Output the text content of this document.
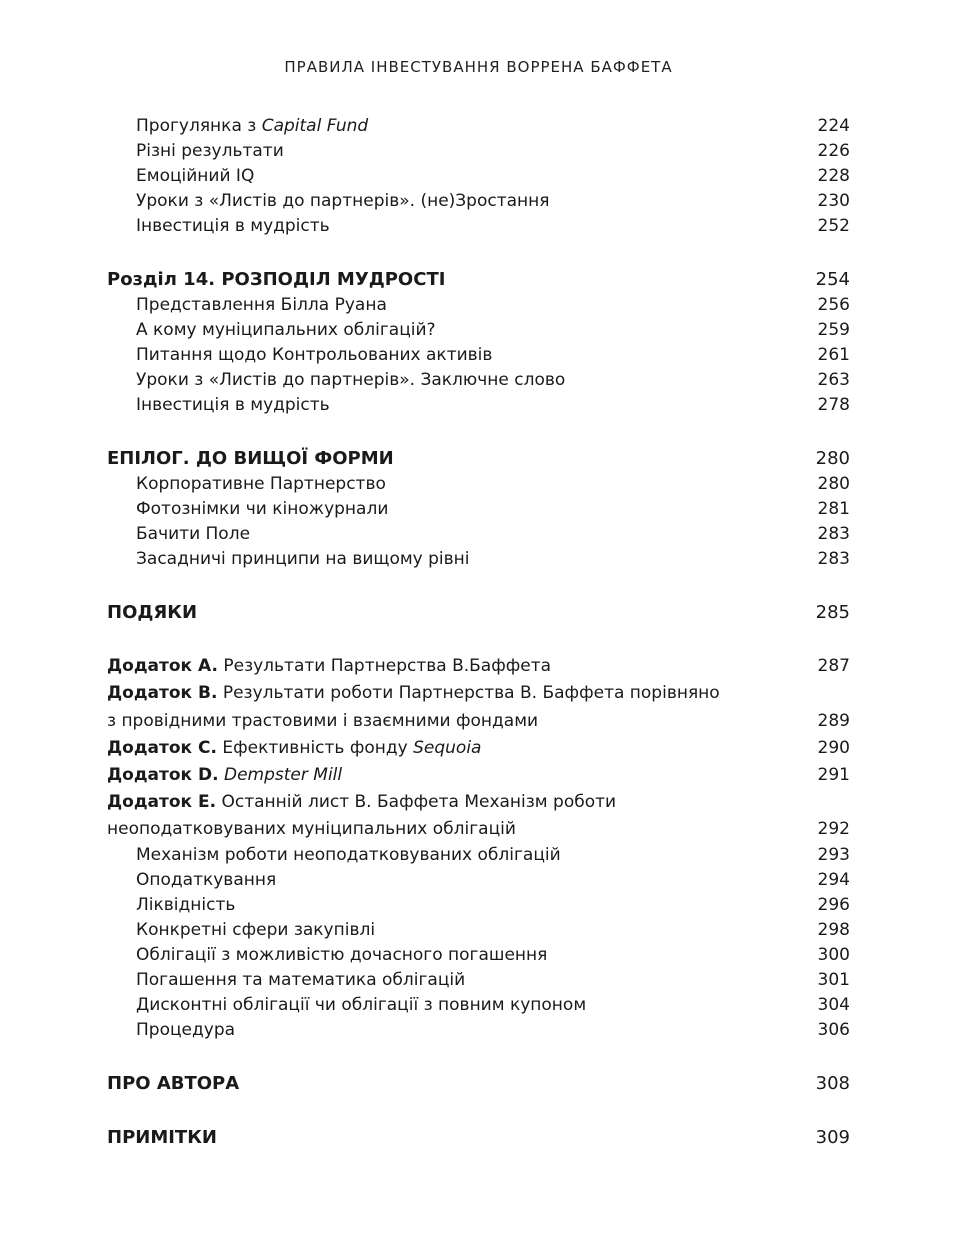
ПРАВИЛА ІНВЕСТУВАННЯ ВОРРЕНА БАФФЕТА
Прогулянка з Capital Fund	224
Різні результати	226
Емоційний IQ	228
Уроки з «Листів до партнерів». (не)Зростання	230
Інвестиція в мудрість	252
Розділ 14. РОЗПОДІЛ МУДРОСТІ	254
Представлення Білла Руана	256
А кому муніципальних облігацій?	259
Питання щодо Контрольованих активів	261
Уроки з «Листів до партнерів». Заключне слово	263
Інвестиція в мудрість	278
ЕПІЛОГ. ДО ВИЩОЇ ФОРМИ	280
Корпоративне Партнерство	280
Фотознімки чи кіножурнали	281
Бачити Поле	283
Засадничі принципи на вищому рівні	283
ПОДЯКИ	285
Додаток A. Результати Партнерства В.Баффета	287
Додаток B. Результати роботи Партнерства В. Баффета порівняно
з провідними трастовими і взаємними фондами	289
Додаток C. Ефективність фонду Sequoia	290
Додаток D. Dempster Mill	291
Додаток E. Останній лист В. Баффета Механізм роботи
неоподатковуваних муніципальних облігацій	292
Механізм роботи неоподатковуваних облігацій	293
Оподаткування	294
Ліквідність	296
Конкретні сфери закупівлі	298
Облігації з можливістю дочасного погашення	300
Погашення та математика облігацій	301
Дисконтні облігації чи облігації з повним купоном	304
Процедура	306
ПРО АВТОРА	308
ПРИМІТКИ	309
